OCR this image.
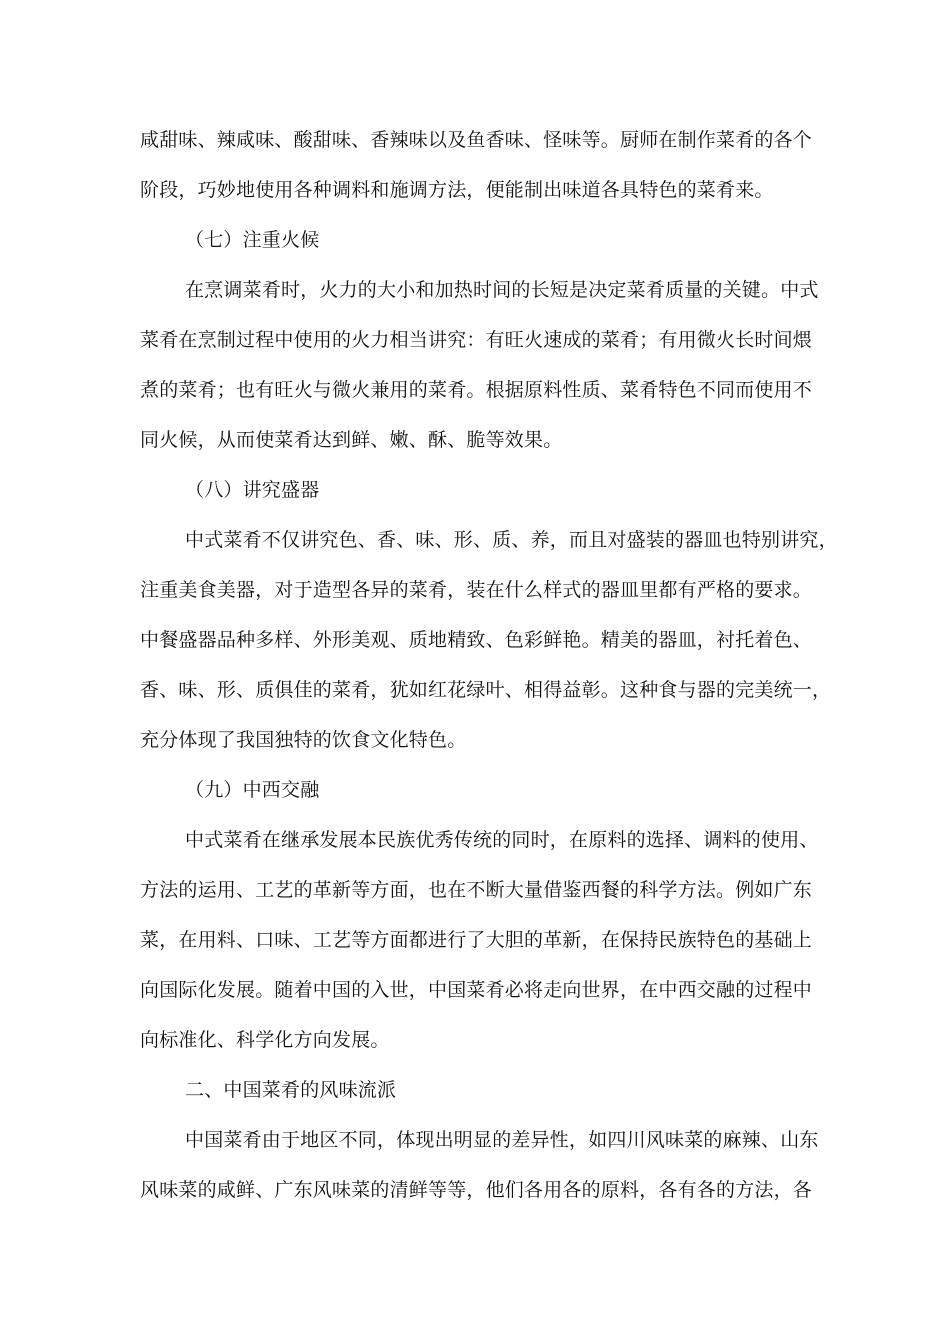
咸甜味、辣咸味、酸甜味、香辣味以及鱼香味、怪味等。厨师在制作菜肴的各个
阶段，巧妙地使用各种调料和施调方法，便能制出味道各具特色的菜肴来。
（七）注重火候
在烹调菜肴时，火力的大小和加热时间的长短是决定菜肴质量的关键。中式
菜肴在烹制过程中使用的火力相当讲究：有旺火速成的菜肴；有用微火长时间煨
煮的菜肴；也有旺火与微火兼用的菜肴。根据原料性质、菜肴特色不同而使用不
同火候，从而使菜肴达到鲜、嫩、酥、脆等效果。
（八）讲究盛器
中式菜肴不仅讲究色、香、味、形、质、养，而且对盛装的器皿也特别讲究，
注重美食美器，对于造型各异的菜肴，装在什么样式的器皿里都有严格的要求。
中餐盛器品种多样、外形美观、质地精致、色彩鲜艳。精美的器皿，衬托着色、
香、味、形、质俱佳的菜肴，犹如红花绿叶、相得益彰。这种食与器的完美统一，
充分体现了我国独特的饮食文化特色。
（九）中西交融
中式菜肴在继承发展本民族优秀传统的同时，在原料的选择、调料的使用、
方法的运用、工艺的革新等方面，也在不断大量借鉴西餐的科学方法。例如广东
菜，在用料、口味、工艺等方面都进行了大胆的革新，在保持民族特色的基础上
向国际化发展。随着中国的入世，中国菜肴必将走向世界，在中西交融的过程中
向标准化、科学化方向发展。
二、中国菜肴的风味流派
中国菜肴由于地区不同，体现出明显的差异性，如四川风味菜的麻辣、山东
风味菜的咸鲜、广东风味菜的清鲜等等，他们各用各的原料，各有各的方法，各
